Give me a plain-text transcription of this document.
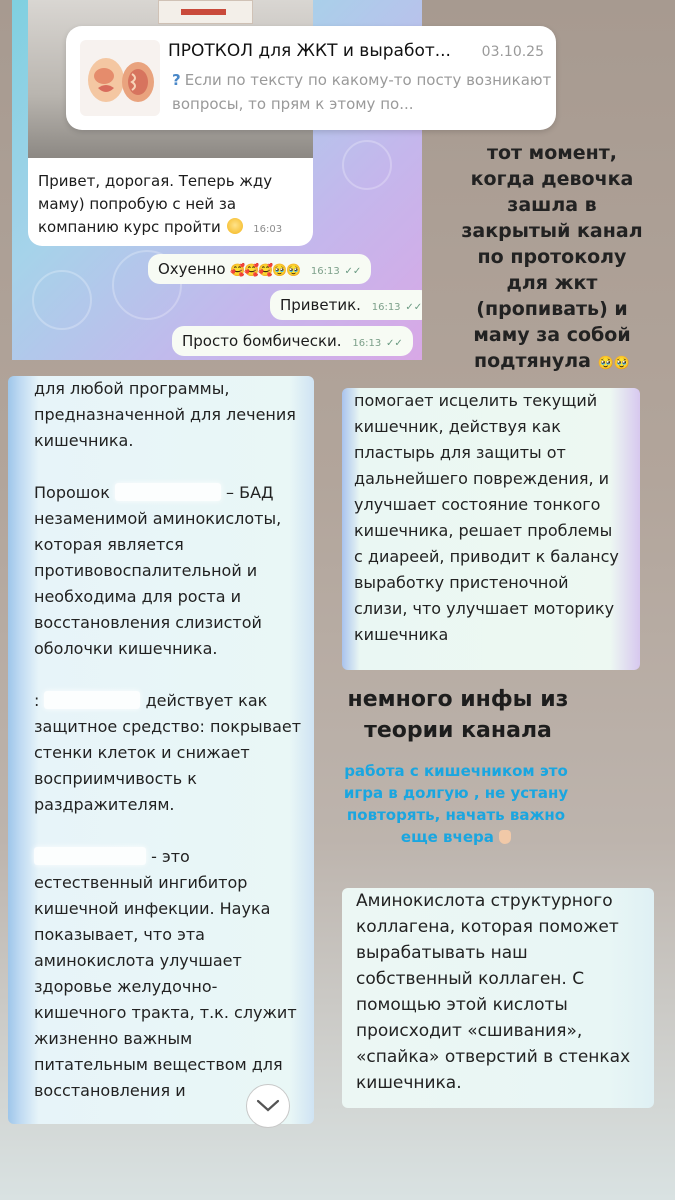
Привет, дорогая. Теперь жду маму) попробую с ней за компанию курс пройти	16:03
Охуенно 🥰🥰🥰🥹🥹 16:13 ✓✓
Приветик. 16:13 ✓✓
Просто бомбически. 16:13 ✓✓
ПРОТКОЛ для ЖКТ и выработ...	03.10.25
? Если по тексту по какому-то посту возникают вопросы, то прям к этому по...
тот момент,
когда девочка
зашла в
закрытый канал
по протоколу
для жкт
(пропивать) и
маму за собой
подтянула 🥹🥹
для любой программы, предназначенной для лечения кишечника.
Порошок	– БАД незаменимой аминокислоты, которая является противовоспалительной и необходима для роста и восстановления слизистой оболочки кишечника.
:	действует как защитное средство: покрывает стенки клеток и снижает восприимчивость к раздражителям.
- это естественный ингибитор кишечной инфекции. Наука показывает, что эта аминокислота улучшает здоровье желудочно-кишечного тракта, т.к. служит жизненно важным питательным веществом для восстановления и
помогает исцелить текущий кишечник, действуя как пластырь для защиты от дальнейшего повреждения, и улучшает состояние тонкого кишечника, решает проблемы с диареей, приводит к балансу выработку пристеночной слизи, что улучшает моторику кишечника
немного инфы из теории канала
работа с кишечником это игра в долгую , не устану повторять, начать важно еще вчера
Аминокислота структурного коллагена, которая поможет вырабатывать наш собственный коллаген. С помощью этой кислоты происходит «сшивания», «спайка» отверстий в стенках кишечника.
